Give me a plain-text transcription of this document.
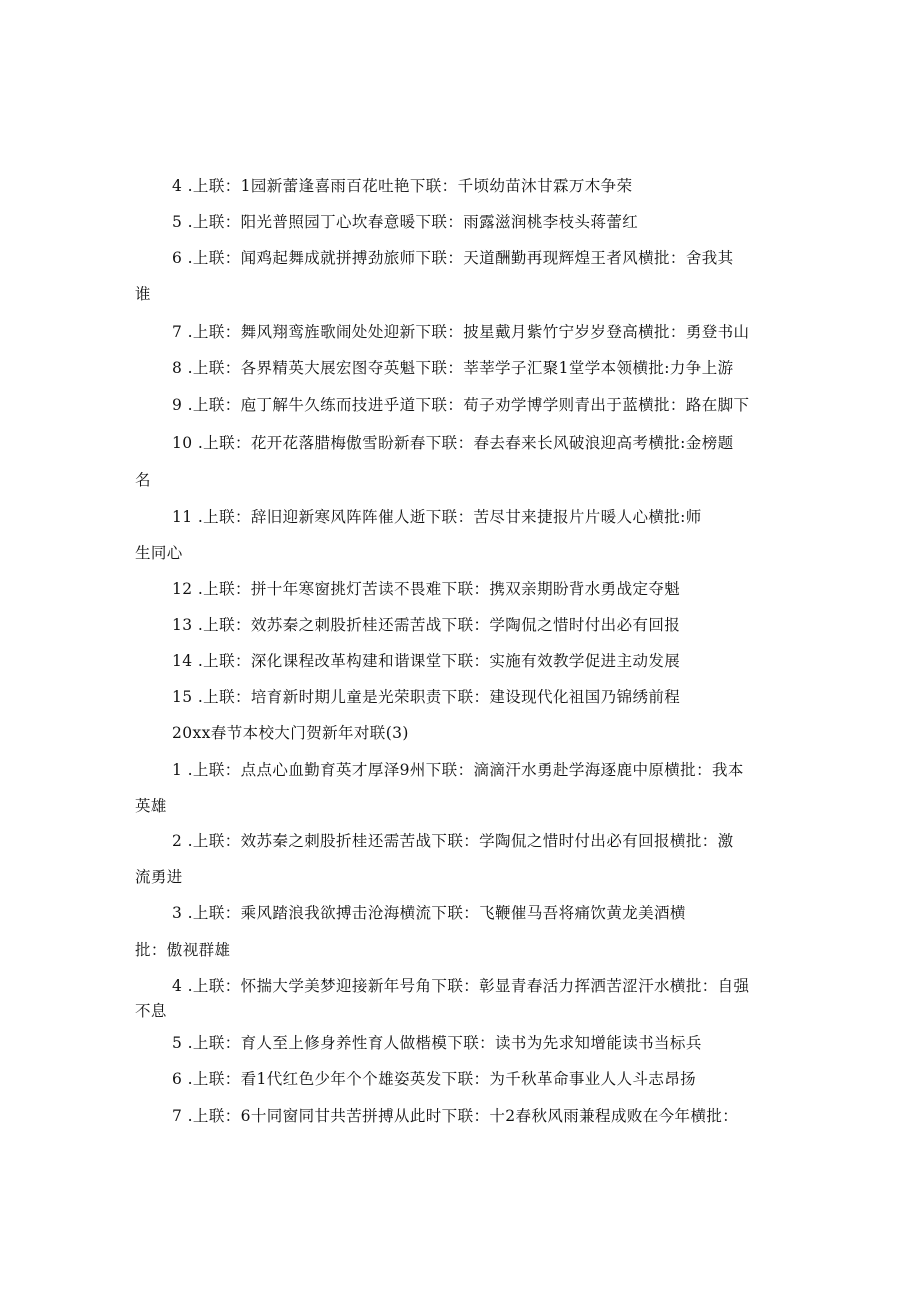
4 .上联：1园新蕾逢喜雨百花吐艳下联：千顷幼苗沐甘霖万木争荣
5 .上联：阳光普照园丁心坎春意暖下联：雨露滋润桃李枝头蒋蕾红
6 .上联：闻鸡起舞成就拼搏劲旅师下联：天道酬勤再现辉煌王者风横批：舍我其
谁
7 .上联：舞风翔鸾旌歌闹处处迎新下联：披星戴月紫竹宁岁岁登高横批：勇登书山
8 .上联：各界精英大展宏图夺英魁下联：莘莘学子汇聚1堂学本领横批:力争上游
9 .上联：庖丁解牛久练而技进乎道下联：荀子劝学博学则青出于蓝横批：路在脚下
10 .上联：花开花落腊梅傲雪盼新春下联：春去春来长风破浪迎高考横批:金榜题
名
11 .上联：辞旧迎新寒风阵阵催人逝下联：苦尽甘来捷报片片暖人心横批:师
生同心
12 .上联：拼十年寒窗挑灯苦读不畏难下联：携双亲期盼背水勇战定夺魁
13 .上联：效苏秦之刺股折桂还需苦战下联：学陶侃之惜时付出必有回报
14 .上联：深化课程改革构建和谐课堂下联：实施有效教学促进主动发展
15 .上联：培育新时期儿童是光荣职责下联：建设现代化祖国乃锦绣前程
20xx春节本校大门贺新年对联(3)
1 .上联：点点心血勤育英才厚泽9州下联：滴滴汗水勇赴学海逐鹿中原横批：我本
英雄
2 .上联：效苏秦之刺股折桂还需苦战下联：学陶侃之惜时付出必有回报横批：激
流勇进
3 .上联：乘风踏浪我欲搏击沧海横流下联：飞鞭催马吾将痛饮黄龙美酒横
批：傲视群雄
4 .上联：怀揣大学美梦迎接新年号角下联：彰显青春活力挥洒苦涩汗水横批：自强
不息
5 .上联：育人至上修身养性育人做楷模下联：读书为先求知增能读书当标兵
6 .上联：看1代红色少年个个雄姿英发下联：为千秋革命事业人人斗志昂扬
7 .上联：6十同窗同甘共苦拼搏从此时下联：十2春秋风雨兼程成败在今年横批：
